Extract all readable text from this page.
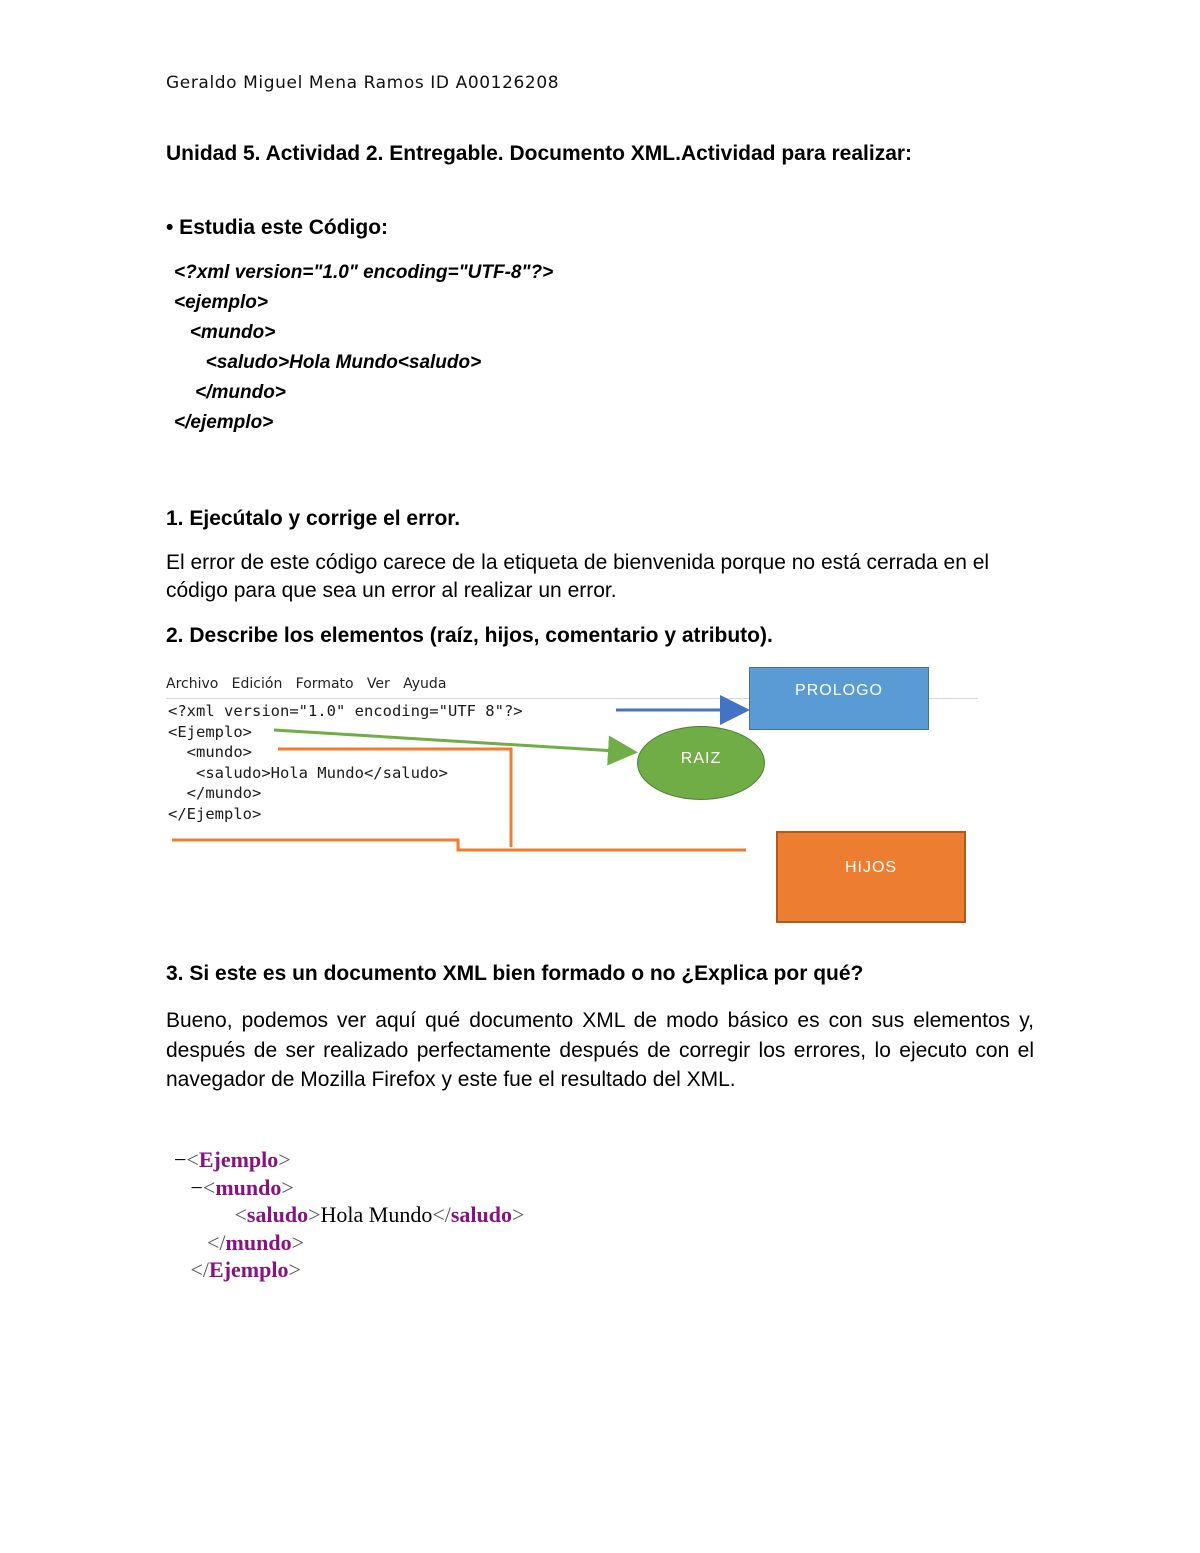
Geraldo Miguel Mena Ramos ID A00126208
Unidad 5. Actividad 2. Entregable. Documento XML.Actividad para realizar:
• Estudia este Código:
<?xml version="1.0" encoding="UTF-8"?>
<ejemplo>
<mundo>
<saludo>Hola Mundo<saludo>
</mundo>
</ejemplo>
1. Ejecútalo y corrige el error.
El error de este código carece de la etiqueta de bienvenida porque no está cerrada en el código para que sea un error al realizar un error.
2. Describe los elementos (raíz, hijos, comentario y atributo).
Archivo   Edición   Formato   Ver   Ayuda
<?xml version="1.0" encoding="UTF 8"?>
<Ejemplo>
<mundo>
<saludo>Hola Mundo</saludo>
</mundo>
</Ejemplo>
PROLOGO
RAIZ
HIJOS
3. Si este es un documento XML bien formado o no ¿Explica por qué?
Bueno, podemos ver aquí qué documento XML de modo básico es con sus elementos y, después de ser realizado perfectamente después de corregir los errores, lo ejecuto con el navegador de Mozilla Firefox y este fue el resultado del XML.
−<Ejemplo>
−<mundo>
<saludo>Hola Mundo</saludo>
</mundo>
</Ejemplo>
